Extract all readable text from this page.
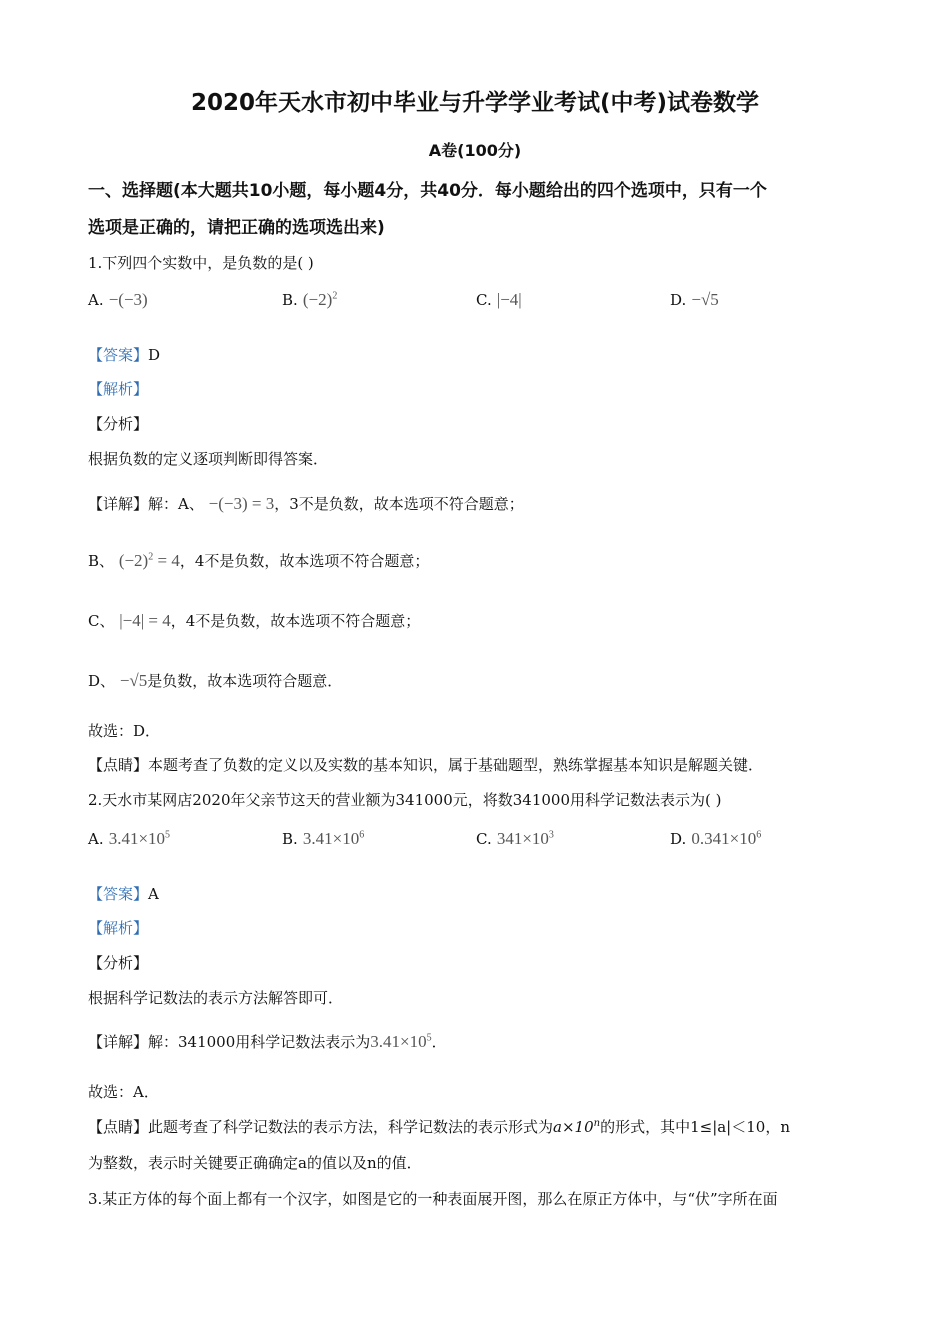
2020年天水市初中毕业与升学学业考试(中考)试卷数学
A卷(100分)
一、选择题(本大题共10小题，每小题4分，共40分．每小题给出的四个选项中，只有一个
选项是正确的，请把正确的选项选出来)
1.下列四个实数中，是负数的是( )
A. −(−3)	B. $(-2)^2$	C. |−4|	D. −√5
【答案】D
【解析】
【分析】
根据负数的定义逐项判断即得答案．
【详解】解：A、 −(−3) = 3，3不是负数，故本选项不符合题意；
B、 $(-2)^2 = 4$，4不是负数，故本选项不符合题意；
C、 |−4| = 4，4不是负数，故本选项不符合题意；
D、 −√5是负数，故本选项符合题意．
故选：D．
【点睛】本题考查了负数的定义以及实数的基本知识，属于基础题型，熟练掌握基本知识是解题关键．
2.天水市某网店2020年父亲节这天的营业额为341000元，将数341000用科学记数法表示为( )
A. $3.41\times 10^5$	B. $3.41\times 10^6$	C. $341\times 10^3$	D. $0.341\times 10^6$
【答案】A
【解析】
【分析】
根据科学记数法的表示方法解答即可．
【详解】解：341000用科学记数法表示为$3.41\times 10^5$．
故选：A．
【点睛】此题考查了科学记数法的表示方法，科学记数法的表示形式为$a\times 10^n$的形式，其中1≤|a|＜10，n
为整数，表示时关键要正确确定a的值以及n的值．
3.某正方体的每个面上都有一个汉字，如图是它的一种表面展开图，那么在原正方体中，与“伏”字所在面
